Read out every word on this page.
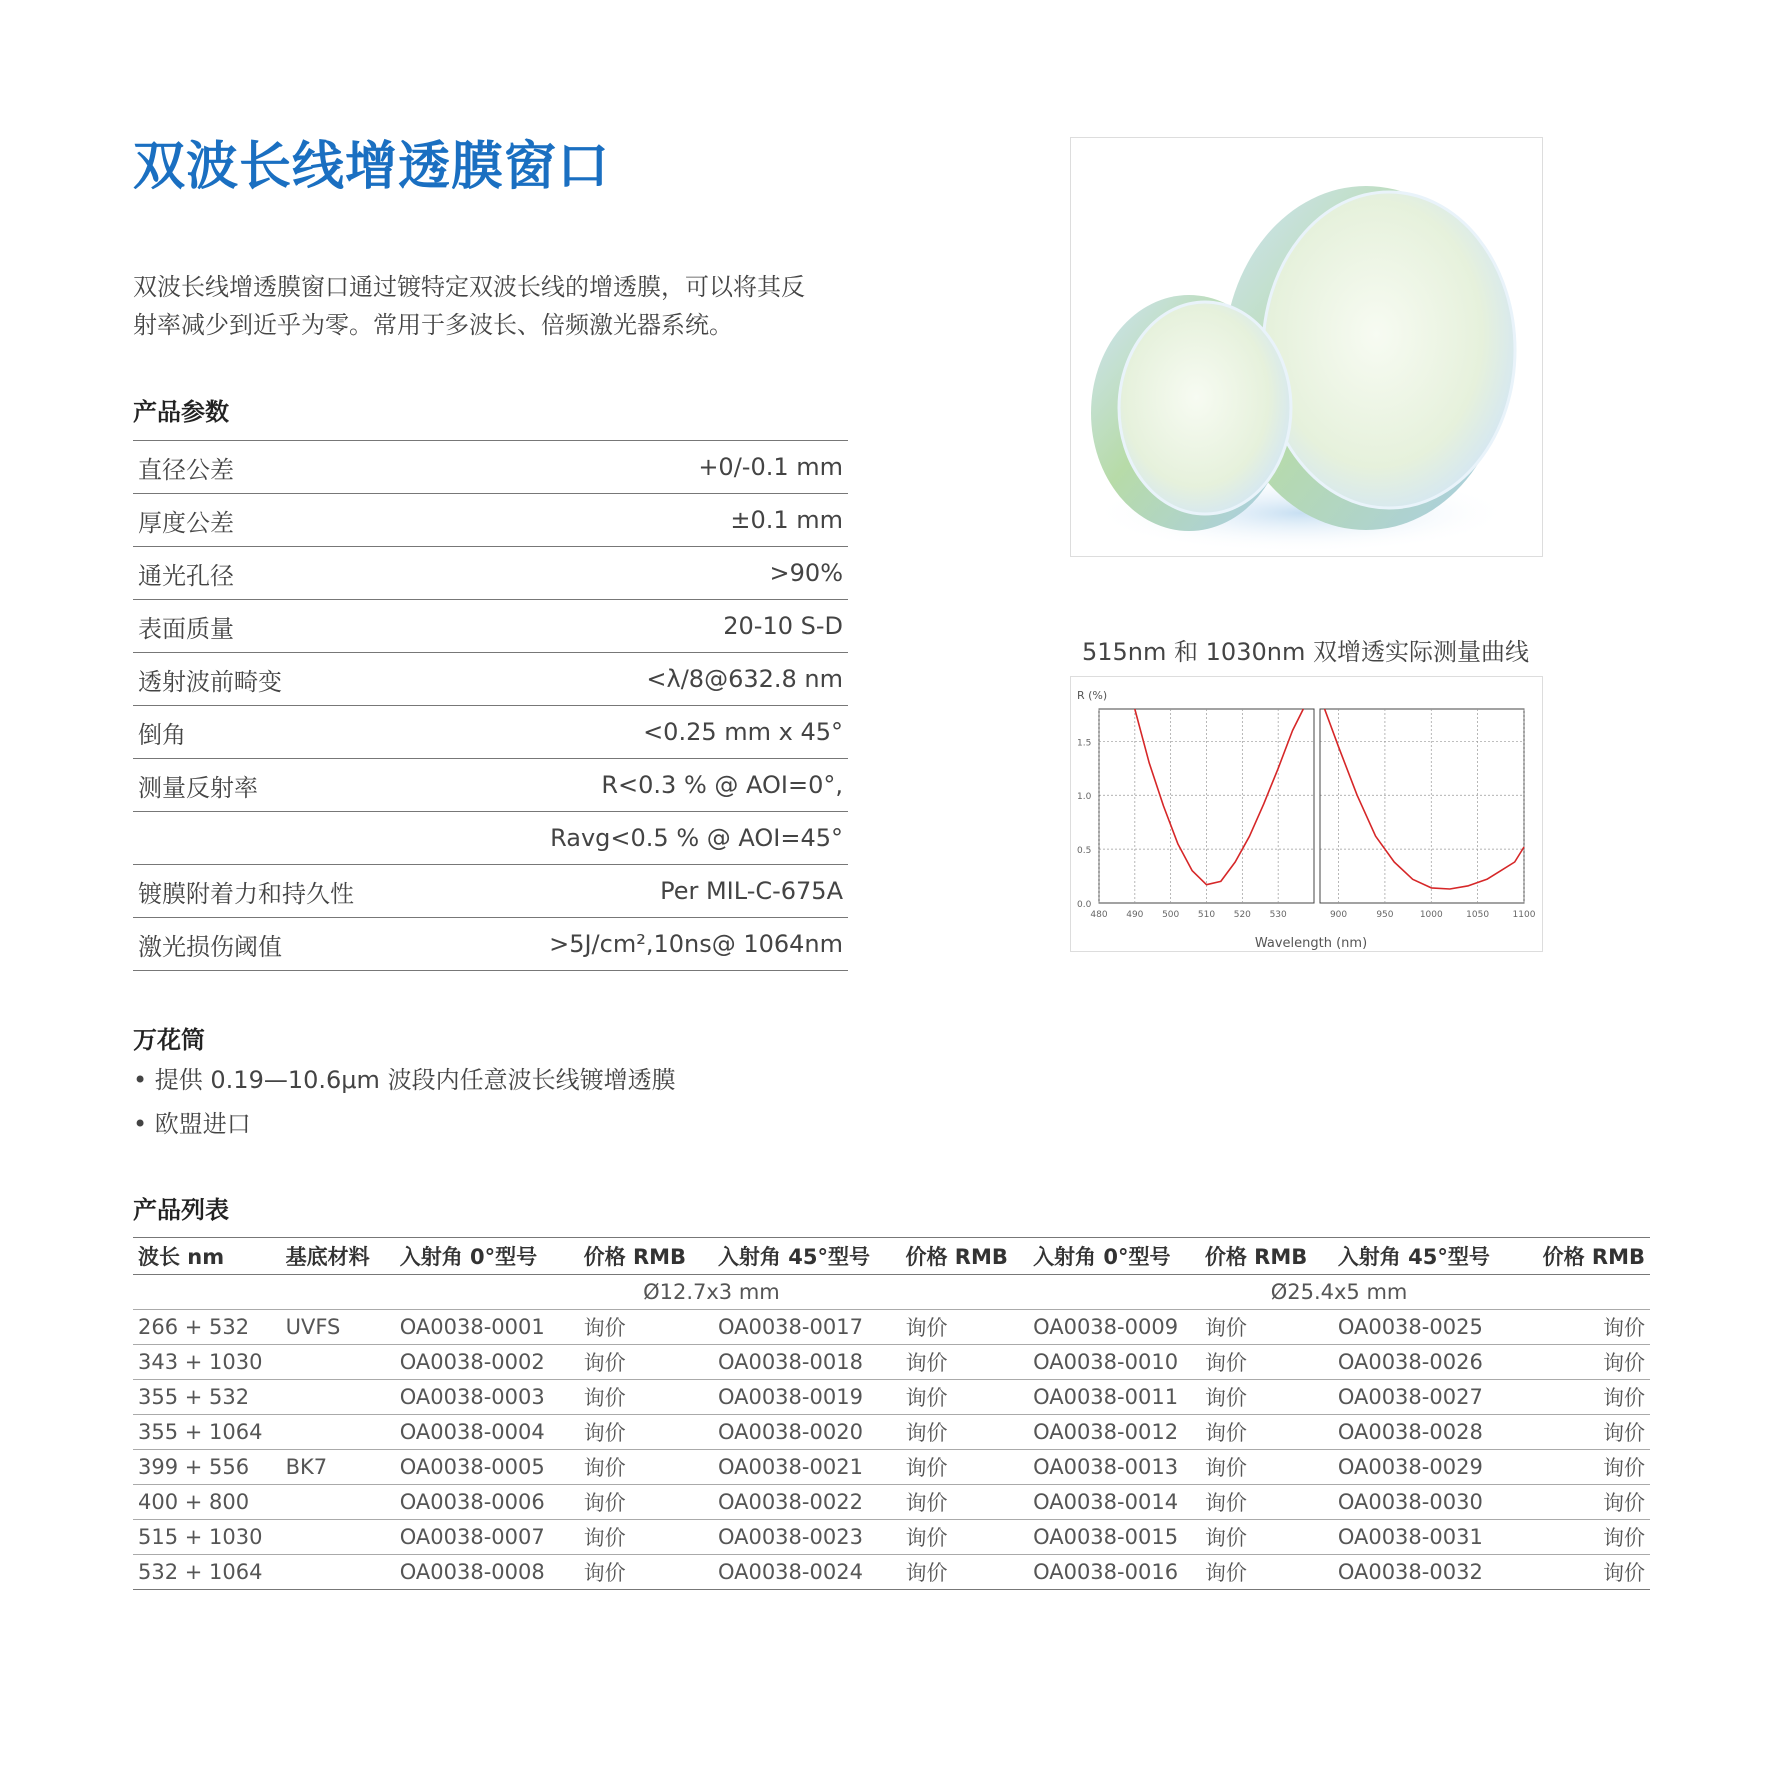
双波长线增透膜窗口

双波长线增透膜窗口通过镀特定双波长线的增透膜，可以将其反

射率减少到近乎为零。常用于多波长、倍频激光器系统。

产品参数
直径公差	+0/-0.1 mm
厚度公差	±0.1 mm
通光孔径	>90%
表面质量	20-10 S-D
透射波前畸变	<λ/8@632.8 nm
倒角	<0.25 mm x 45°
测量反射率	R<0.3 % @ AOI=0°,
	Ravg<0.5 % @ AOI=45°
镀膜附着力和持久性	Per MIL-C-675A
激光损伤阈值	>5J/cm²,10ns@ 1064nm
万花筒
• 提供 0.19—10.6μm 波段内任意波长线镀增透膜
• 欧盟进口
产品列表
波长 nm	基底材料	入射角 0°型号	价格 RMB	入射角 45°型号	价格 RMB	入射角 0°型号	价格 RMB	入射角 45°型号	价格 RMB
		Ø12.7x3 mm				Ø25.4x5 mm			
266 + 532	UVFS	OA0038-0001	询价	OA0038-0017	询价	OA0038-0009	询价	OA0038-0025	询价
343 + 1030		OA0038-0002	询价	OA0038-0018	询价	OA0038-0010	询价	OA0038-0026	询价
355 + 532		OA0038-0003	询价	OA0038-0019	询价	OA0038-0011	询价	OA0038-0027	询价
355 + 1064		OA0038-0004	询价	OA0038-0020	询价	OA0038-0012	询价	OA0038-0028	询价
399 + 556	BK7	OA0038-0005	询价	OA0038-0021	询价	OA0038-0013	询价	OA0038-0029	询价
400 + 800		OA0038-0006	询价	OA0038-0022	询价	OA0038-0014	询价	OA0038-0030	询价
515 + 1030		OA0038-0007	询价	OA0038-0023	询价	OA0038-0015	询价	OA0038-0031	询价
532 + 1064		OA0038-0008	询价	OA0038-0024	询价	OA0038-0016	询价	OA0038-0032	询价
515nm 和 1030nm 双增透实际测量曲线
R (%)
Wavelength (nm)
0.0
0.5
1.0
1.5
480 490 500 510 520 530	900	950	1000	1050	1100
